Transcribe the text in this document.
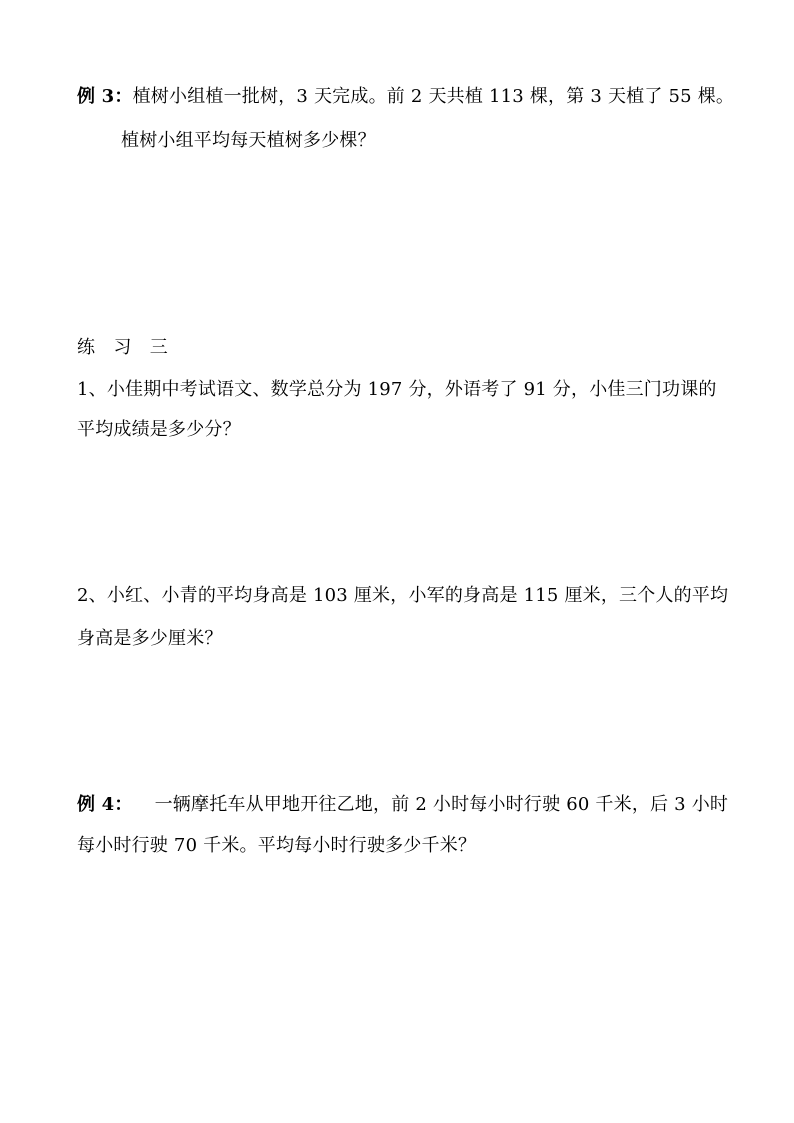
例 3：植树小组植一批树，3 天完成。前 2 天共植 113 棵，第 3 天植了 55 棵。
植树小组平均每天植树多少棵？
练　习　三
1、小佳期中考试语文、数学总分为 197 分，外语考了 91 分，小佳三门功课的
平均成绩是多少分？
2、小红、小青的平均身高是 103 厘米，小军的身高是 115 厘米，三个人的平均
身高是多少厘米？
例 4： 一辆摩托车从甲地开往乙地，前 2 小时每小时行驶 60 千米，后 3 小时
每小时行驶 70 千米。平均每小时行驶多少千米？
